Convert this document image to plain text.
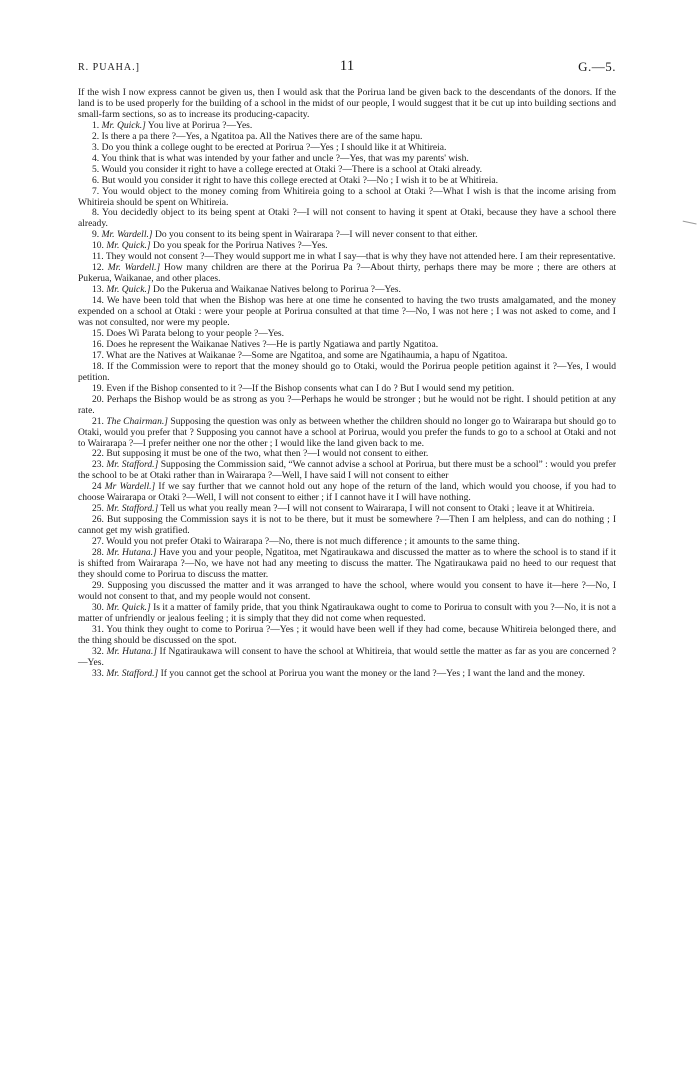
R. PUAHA.]	11	G.—5.

If the wish I now express cannot be given us, then I would ask that the Porirua land be given back to the descendants of the donors. If the land is to be used properly for the building of a school in the midst of our people, I would suggest that it be cut up into building sections and small-farm sections, so as to increase its producing-capacity.

1. Mr. Quick.] You live at Porirua ?—Yes.

2. Is there a pa there ?—Yes, a Ngatitoa pa. All the Natives there are of the same hapu.

3. Do you think a college ought to be erected at Porirua ?—Yes ; I should like it at Whitireia.

4. You think that is what was intended by your father and uncle ?—Yes, that was my parents' wish.

5. Would you consider it right to have a college erected at Otaki ?—There is a school at Otaki already.

6. But would you consider it right to have this college erected at Otaki ?—No ; I wish it to be at Whitireia.

7. You would object to the money coming from Whitireia going to a school at Otaki ?—What I wish is that the income arising from Whitireia should be spent on Whitireia.

8. You decidedly object to its being spent at Otaki ?—I will not consent to having it spent at Otaki, because they have a school there already.

9. Mr. Wardell.] Do you consent to its being spent in Wairarapa ?—I will never consent to that either.

10. Mr. Quick.] Do you speak for the Porirua Natives ?—Yes.

11. They would not consent ?—They would support me in what I say—that is why they have not attended here. I am their representative.

12. Mr. Wardell.] How many children are there at the Porirua Pa ?—About thirty, perhaps there may be more ; there are others at Pukerua, Waikanae, and other places.

13. Mr. Quick.] Do the Pukerua and Waikanae Natives belong to Porirua ?—Yes.

14. We have been told that when the Bishop was here at one time he consented to having the two trusts amalgamated, and the money expended on a school at Otaki : were your people at Porirua consulted at that time ?—No, I was not here ; I was not asked to come, and I was not consulted, nor were my people.

15. Does Wi Parata belong to your people ?—Yes.

16. Does he represent the Waikanae Natives ?—He is partly Ngatiawa and partly Ngatitoa.

17. What are the Natives at Waikanae ?—Some are Ngatitoa, and some are Ngatihaumia, a hapu of Ngatitoa.

18. If the Commission were to report that the money should go to Otaki, would the Porirua people petition against it ?—Yes, I would petition.

19. Even if the Bishop consented to it ?—If the Bishop consents what can I do ? But I would send my petition.

20. Perhaps the Bishop would be as strong as you ?—Perhaps he would be stronger ; but he would not be right. I should petition at any rate.

21. The Chairman.] Supposing the question was only as between whether the children should no longer go to Wairarapa but should go to Otaki, would you prefer that ? Supposing you cannot have a school at Porirua, would you prefer the funds to go to a school at Otaki and not to Wairarapa ?—I prefer neither one nor the other ; I would like the land given back to me.

22. But supposing it must be one of the two, what then ?—I would not consent to either.

23. Mr. Stafford.] Supposing the Commission said, “We cannot advise a school at Porirua, but there must be a school” : would you prefer the school to be at Otaki rather than in Wairarapa ?—Well, I have said I will not consent to either

24 Mr Wardell.] If we say further that we cannot hold out any hope of the return of the land, which would you choose, if you had to choose Wairarapa or Otaki ?—Well, I will not consent to either ; if I cannot have it I will have nothing.

25. Mr. Stafford.] Tell us what you really mean ?—I will not consent to Wairarapa, I will not consent to Otaki ; leave it at Whitireia.

26. But supposing the Commission says it is not to be there, but it must be somewhere ?—Then I am helpless, and can do nothing ; I cannot get my wish gratified.

27. Would you not prefer Otaki to Wairarapa ?—No, there is not much difference ; it amounts to the same thing.

28. Mr. Hutana.] Have you and your people, Ngatitoa, met Ngatiraukawa and discussed the matter as to where the school is to stand if it is shifted from Wairarapa ?—No, we have not had any meeting to discuss the matter. The Ngatiraukawa paid no heed to our request that they should come to Porirua to discuss the matter.

29. Supposing you discussed the matter and it was arranged to have the school, where would you consent to have it—here ?—No, I would not consent to that, and my people would not consent.

30. Mr. Quick.] Is it a matter of family pride, that you think Ngatiraukawa ought to come to Porirua to consult with you ?—No, it is not a matter of unfriendly or jealous feeling ; it is simply that they did not come when requested.

31. You think they ought to come to Porirua ?—Yes ; it would have been well if they had come, because Whitireia belonged there, and the thing should be discussed on the spot.

32. Mr. Hutana.] If Ngatiraukawa will consent to have the school at Whitireia, that would settle the matter as far as you are concerned ?—Yes.

33. Mr. Stafford.] If you cannot get the school at Porirua you want the money or the land ?—Yes ; I want the land and the money.
